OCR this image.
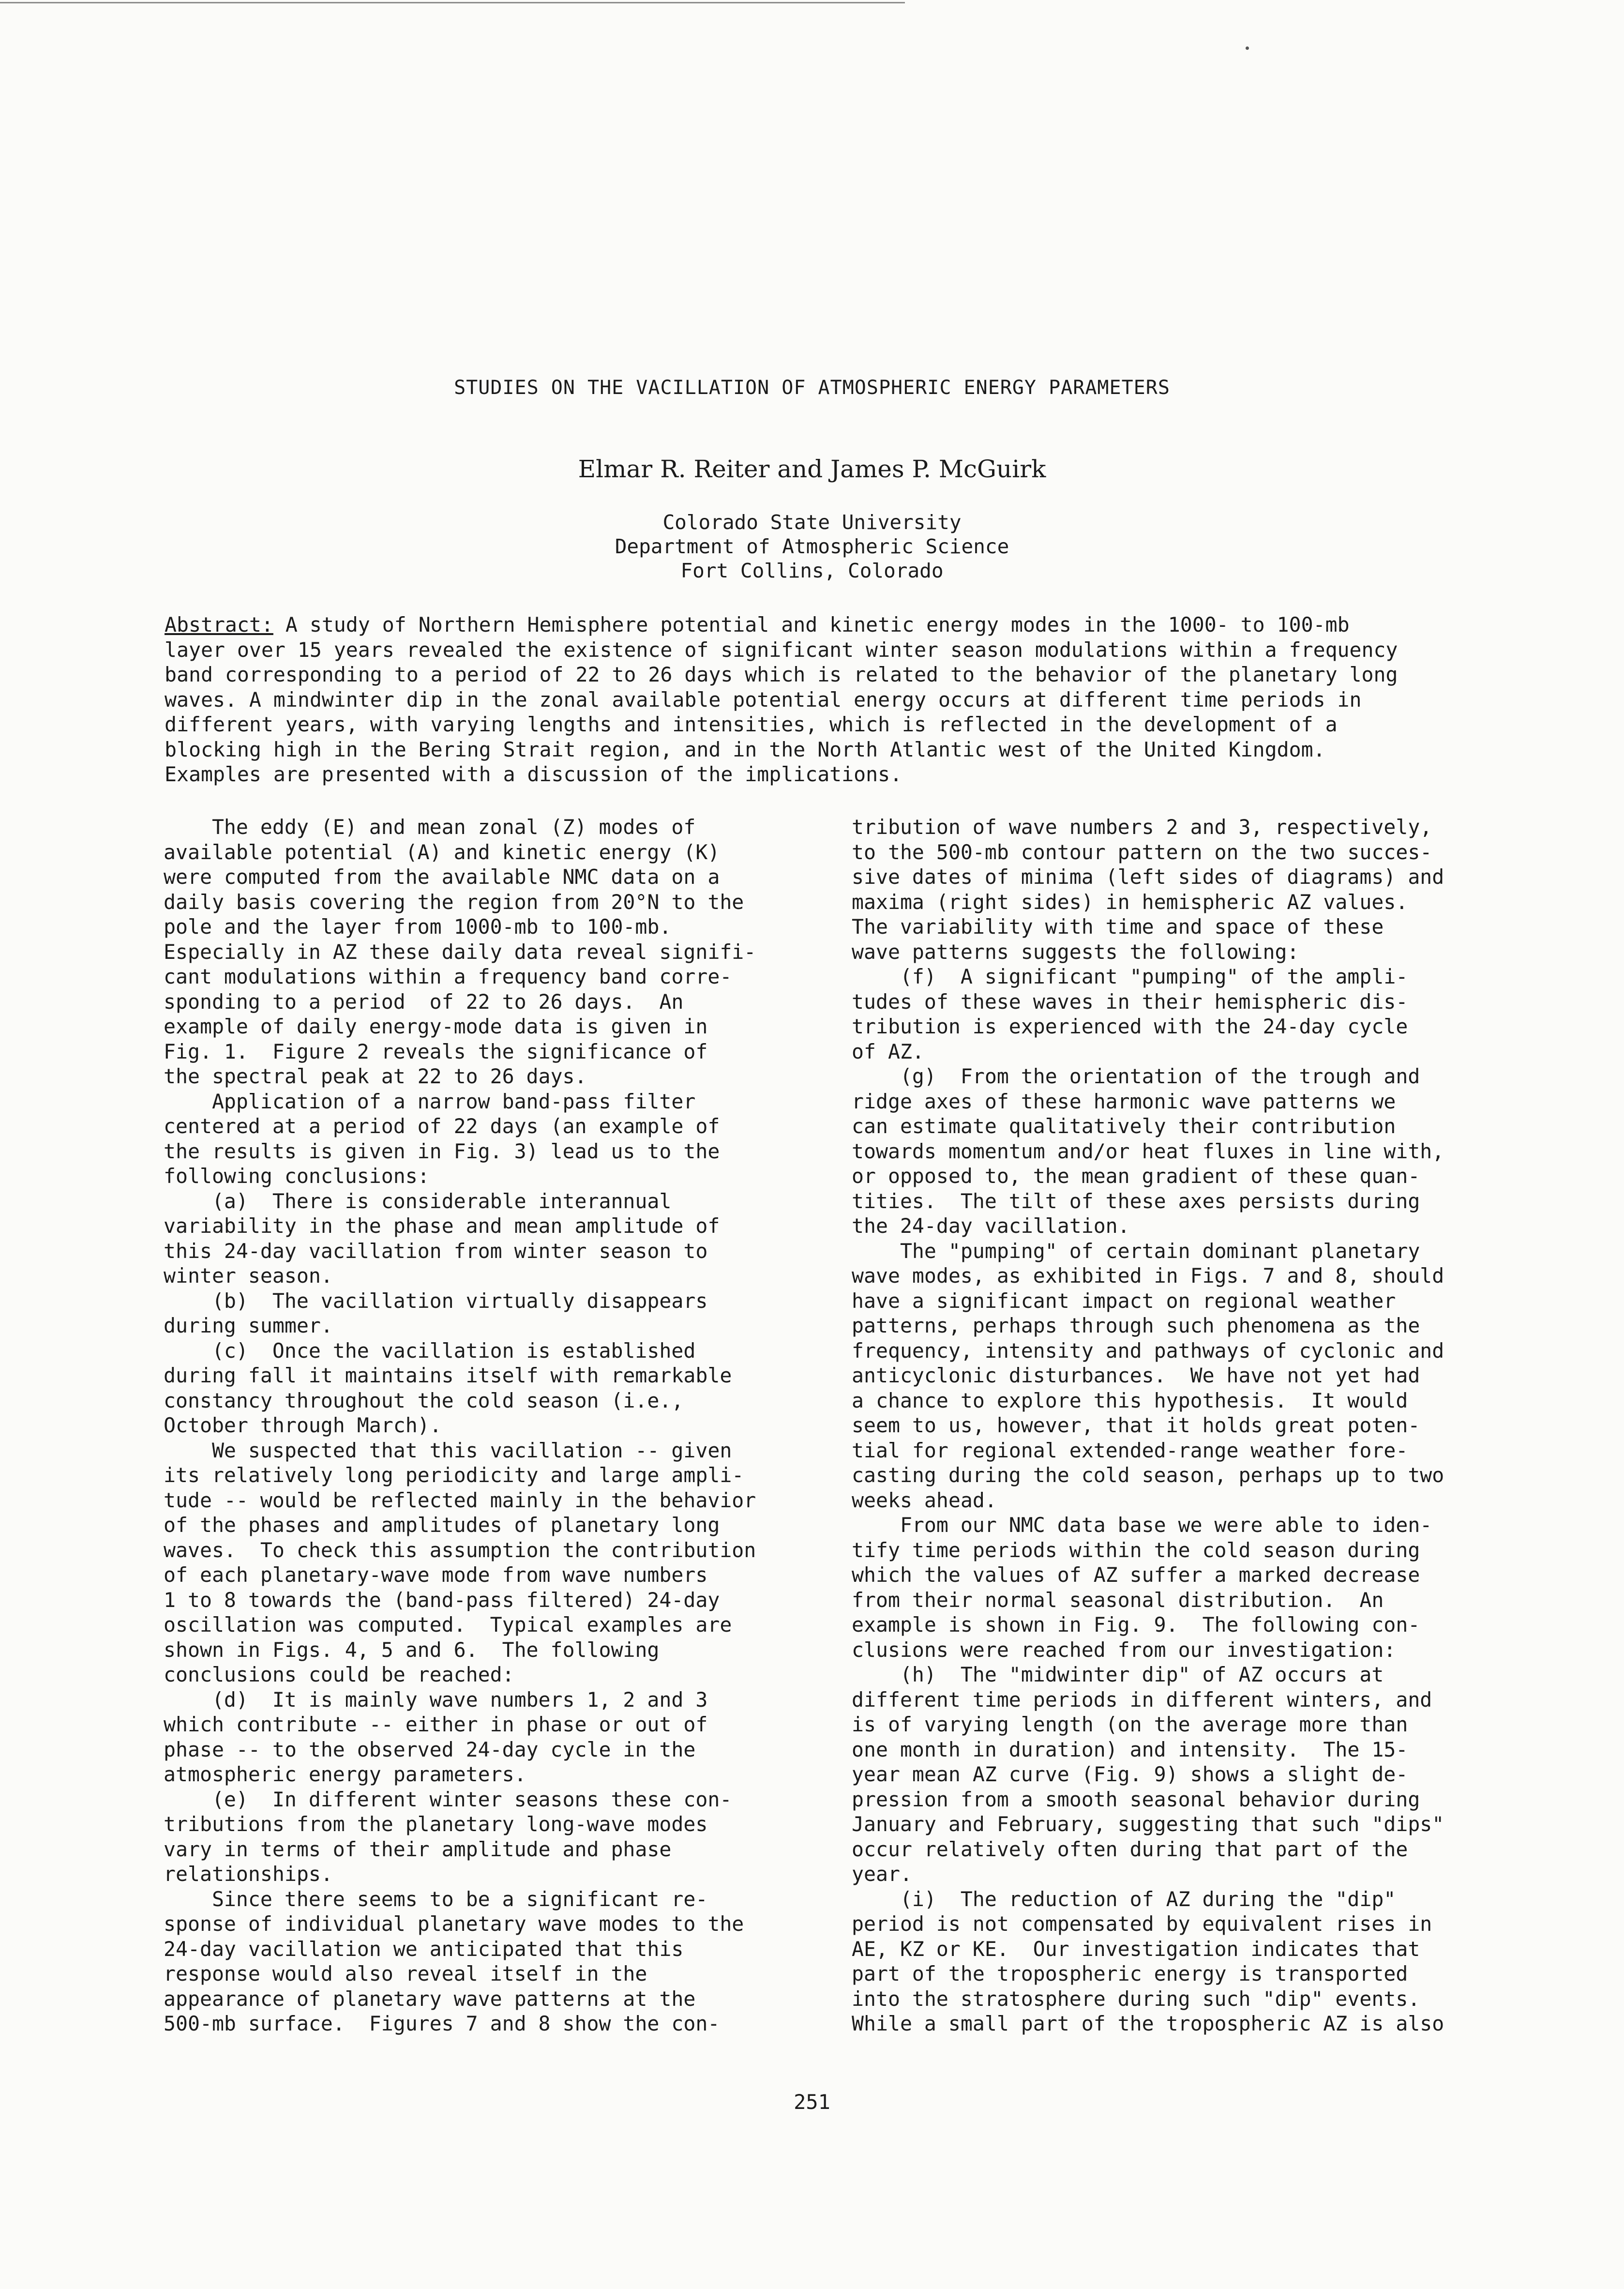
STUDIES ON THE VACILLATION OF ATMOSPHERIC ENERGY PARAMETERS
Elmar R. Reiter and James P. McGuirk
Colorado State University
Department of Atmospheric Science
Fort Collins, Colorado
Abstract: A study of Northern Hemisphere potential and kinetic energy modes in the 1000- to 100-mb
layer over 15 years revealed the existence of significant winter season modulations within a frequency
band corresponding to a period of 22 to 26 days which is related to the behavior of the planetary long
waves. A mindwinter dip in the zonal available potential energy occurs at different time periods in
different years, with varying lengths and intensities, which is reflected in the development of a
blocking high in the Bering Strait region, and in the North Atlantic west of the United Kingdom.
Examples are presented with a discussion of the implications.
The eddy (E) and mean zonal (Z) modes of
available potential (A) and kinetic energy (K)
were computed from the available NMC data on a
daily basis covering the region from 20°N to the
pole and the layer from 1000-mb to 100-mb.
Especially in AZ these daily data reveal signifi-
cant modulations within a frequency band corre-
sponding to a period  of 22 to 26 days.  An
example of daily energy-mode data is given in
Fig. 1.  Figure 2 reveals the significance of
the spectral peak at 22 to 26 days.
Application of a narrow band-pass filter
centered at a period of 22 days (an example of
the results is given in Fig. 3) lead us to the
following conclusions:
(a)  There is considerable interannual
variability in the phase and mean amplitude of
this 24-day vacillation from winter season to
winter season.
(b)  The vacillation virtually disappears
during summer.
(c)  Once the vacillation is established
during fall it maintains itself with remarkable
constancy throughout the cold season (i.e.,
October through March).
We suspected that this vacillation -- given
its relatively long periodicity and large ampli-
tude -- would be reflected mainly in the behavior
of the phases and amplitudes of planetary long
waves.  To check this assumption the contribution
of each planetary-wave mode from wave numbers
1 to 8 towards the (band-pass filtered) 24-day
oscillation was computed.  Typical examples are
shown in Figs. 4, 5 and 6.  The following
conclusions could be reached:
(d)  It is mainly wave numbers 1, 2 and 3
which contribute -- either in phase or out of
phase -- to the observed 24-day cycle in the
atmospheric energy parameters.
(e)  In different winter seasons these con-
tributions from the planetary long-wave modes
vary in terms of their amplitude and phase
relationships.
Since there seems to be a significant re-
sponse of individual planetary wave modes to the
24-day vacillation we anticipated that this
response would also reveal itself in the
appearance of planetary wave patterns at the
500-mb surface.  Figures 7 and 8 show the con-
tribution of wave numbers 2 and 3, respectively,
to the 500-mb contour pattern on the two succes-
sive dates of minima (left sides of diagrams) and
maxima (right sides) in hemispheric AZ values.
The variability with time and space of these
wave patterns suggests the following:
(f)  A significant "pumping" of the ampli-
tudes of these waves in their hemispheric dis-
tribution is experienced with the 24-day cycle
of AZ.
(g)  From the orientation of the trough and
ridge axes of these harmonic wave patterns we
can estimate qualitatively their contribution
towards momentum and/or heat fluxes in line with,
or opposed to, the mean gradient of these quan-
tities.  The tilt of these axes persists during
the 24-day vacillation.
The "pumping" of certain dominant planetary
wave modes, as exhibited in Figs. 7 and 8, should
have a significant impact on regional weather
patterns, perhaps through such phenomena as the
frequency, intensity and pathways of cyclonic and
anticyclonic disturbances.  We have not yet had
a chance to explore this hypothesis.  It would
seem to us, however, that it holds great poten-
tial for regional extended-range weather fore-
casting during the cold season, perhaps up to two
weeks ahead.
From our NMC data base we were able to iden-
tify time periods within the cold season during
which the values of AZ suffer a marked decrease
from their normal seasonal distribution.  An
example is shown in Fig. 9.  The following con-
clusions were reached from our investigation:
(h)  The "midwinter dip" of AZ occurs at
different time periods in different winters, and
is of varying length (on the average more than
one month in duration) and intensity.  The 15-
year mean AZ curve (Fig. 9) shows a slight de-
pression from a smooth seasonal behavior during
January and February, suggesting that such "dips"
occur relatively often during that part of the
year.
(i)  The reduction of AZ during the "dip"
period is not compensated by equivalent rises in
AE, KZ or KE.  Our investigation indicates that
part of the tropospheric energy is transported
into the stratosphere during such "dip" events.
While a small part of the tropospheric AZ is also
251
